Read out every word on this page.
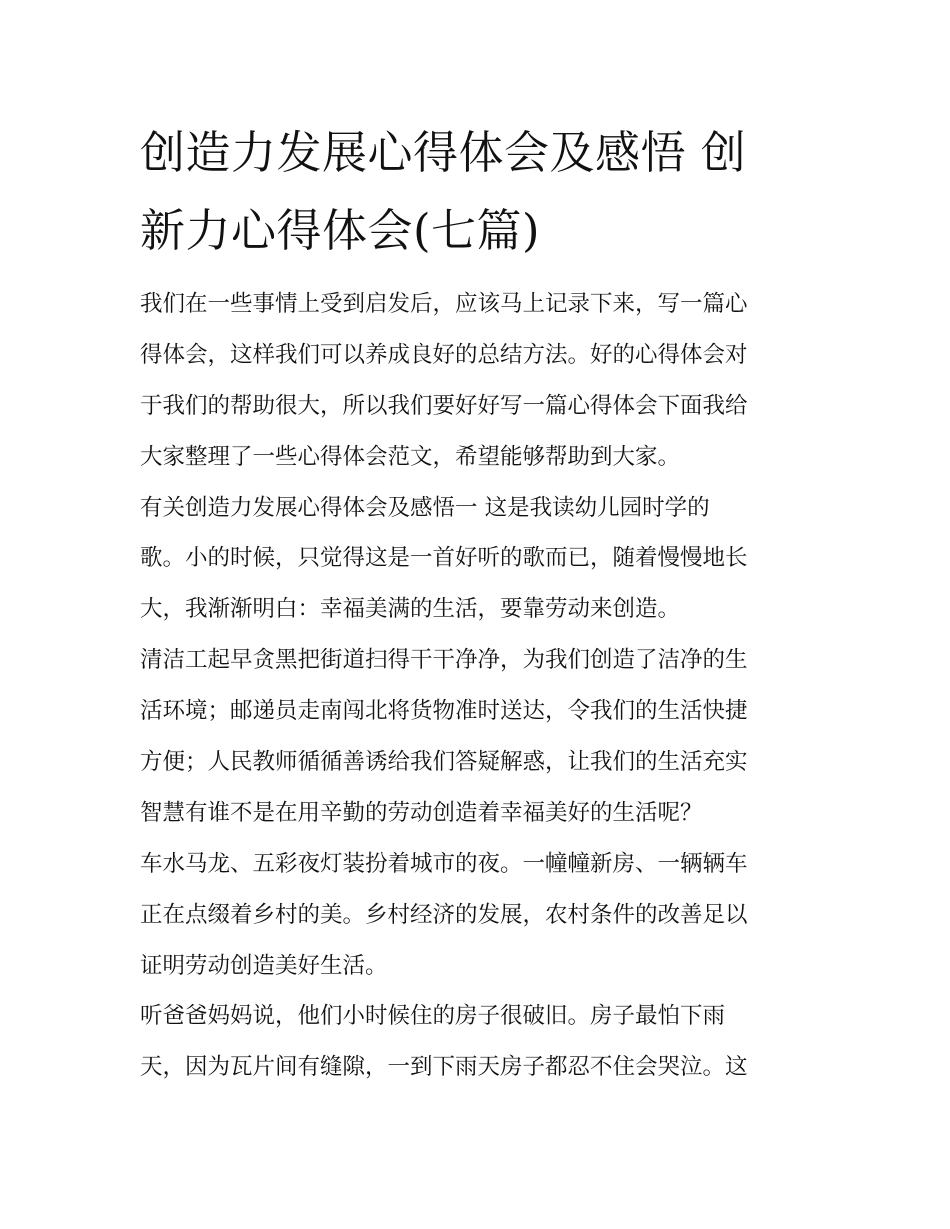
创造力发展心得体会及感悟 创
新力心得体会(七篇)

我们在一些事情上受到启发后，应该马上记录下来，写一篇心
得体会，这样我们可以养成良好的总结方法。好的心得体会对
于我们的帮助很大，所以我们要好好写一篇心得体会下面我给
大家整理了一些心得体会范文，希望能够帮助到大家。

有关创造力发展心得体会及感悟一 这是我读幼儿园时学的
歌。小的时候，只觉得这是一首好听的歌而已，随着慢慢地长
大，我渐渐明白：幸福美满的生活，要靠劳动来创造。

清洁工起早贪黑把街道扫得干干净净，为我们创造了洁净的生
活环境；邮递员走南闯北将货物准时送达，令我们的生活快捷
方便；人民教师循循善诱给我们答疑解惑，让我们的生活充实
智慧有谁不是在用辛勤的劳动创造着幸福美好的生活呢？

车水马龙、五彩夜灯装扮着城市的夜。一幢幢新房、一辆辆车
正在点缀着乡村的美。乡村经济的发展，农村条件的改善足以
证明劳动创造美好生活。

听爸爸妈妈说，他们小时候住的房子很破旧。房子最怕下雨
天，因为瓦片间有缝隙，一到下雨天房子都忍不住会哭泣。这
